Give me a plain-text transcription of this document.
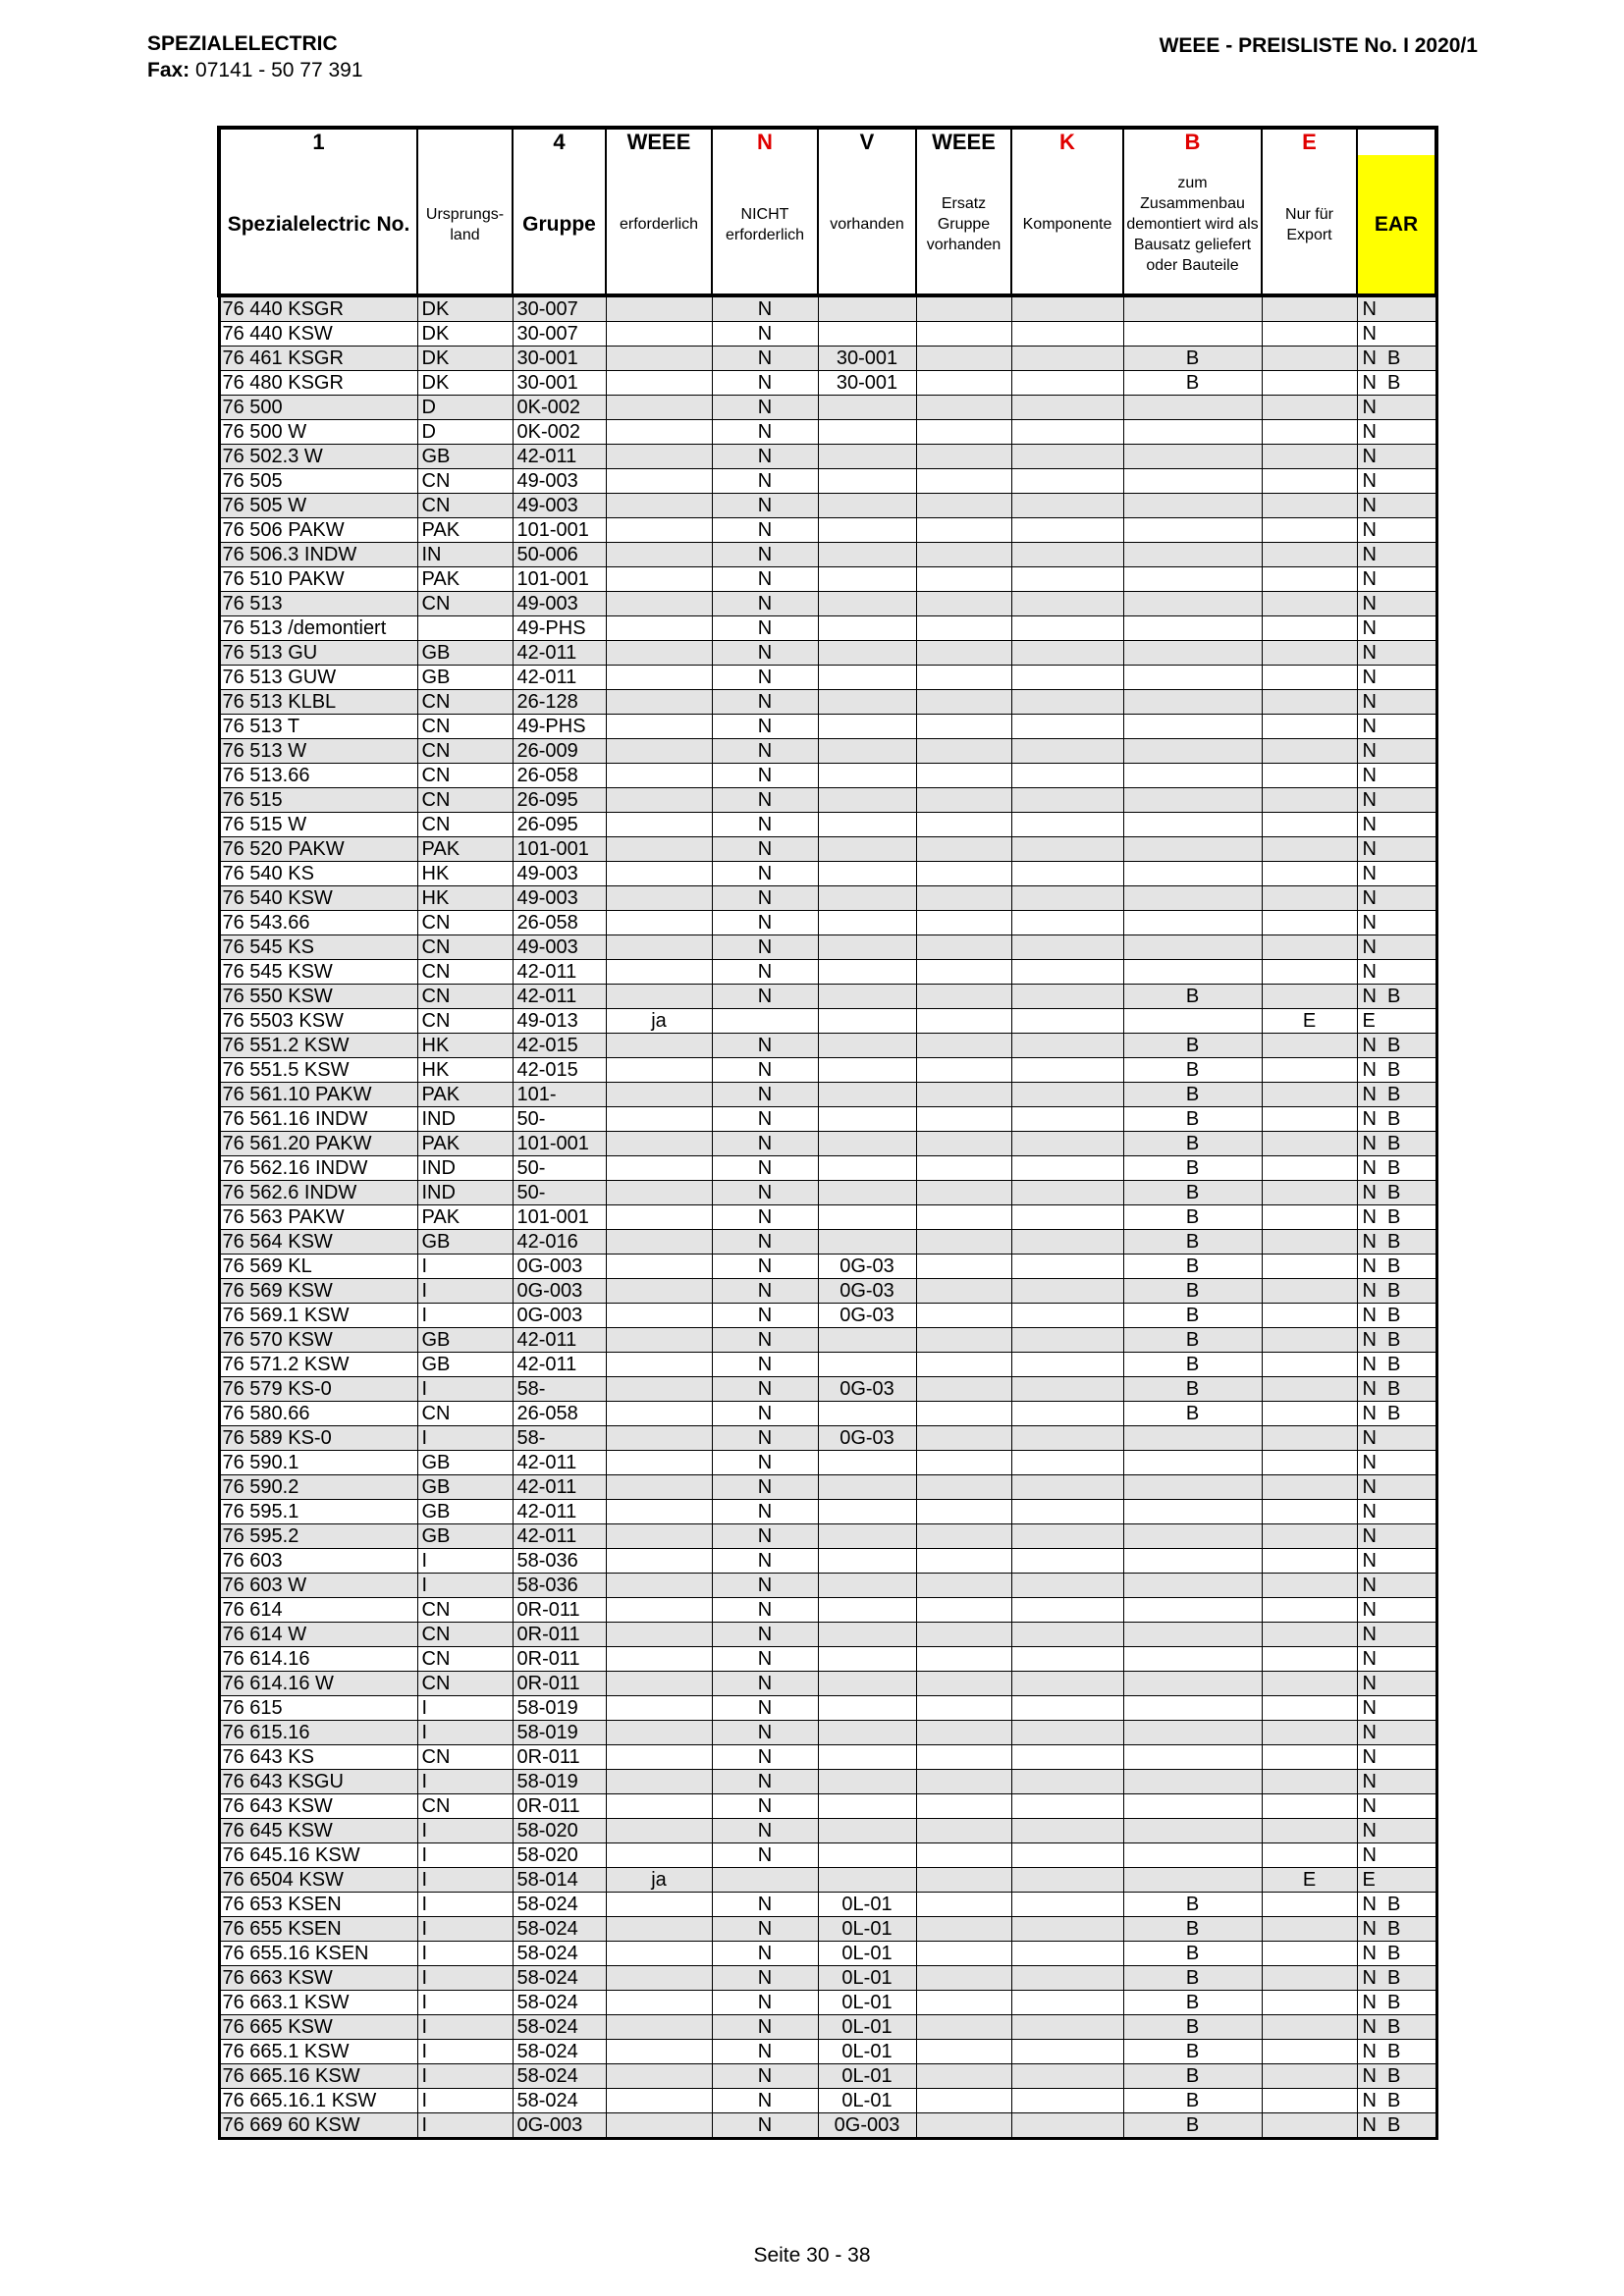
SPEZIALELECTRIC
Fax: 07141 - 50 77 391
WEEE - PREISLISTE No. I 2020/1
1		4	WEEE	N	V	WEEE	K	B	E	
Spezialelectric No.	Ursprungs-land	Gruppe	erforderlich	NICHT erforderlich	vorhanden	Ersatz Gruppe vorhanden	Komponente	zum Zusammenbau demontiert wird als Bausatz geliefert oder Bauteile	Nur für Export	EAR
76 440 KSGR	DK	30-007		N						N
76 440 KSW	DK	30-007		N						N
76 461 KSGR	DK	30-001		N	30-001			B		N  B
76 480 KSGR	DK	30-001		N	30-001			B		N  B
76 500	D	0K-002		N						N
76 500 W	D	0K-002		N						N
76 502.3 W	GB	42-011		N						N
76 505	CN	49-003		N						N
76 505 W	CN	49-003		N						N
76 506 PAKW	PAK	101-001		N						N
76 506.3 INDW	IN	50-006		N						N
76 510 PAKW	PAK	101-001		N						N
76 513	CN	49-003		N						N
76 513 /demontiert		49-PHS		N						N
76 513 GU	GB	42-011		N						N
76 513 GUW	GB	42-011		N						N
76 513 KLBL	CN	26-128		N						N
76 513 T	CN	49-PHS		N						N
76 513 W	CN	26-009		N						N
76 513.66	CN	26-058		N						N
76 515	CN	26-095		N						N
76 515 W	CN	26-095		N						N
76 520 PAKW	PAK	101-001		N						N
76 540 KS	HK	49-003		N						N
76 540 KSW	HK	49-003		N						N
76 543.66	CN	26-058		N						N
76 545 KS	CN	49-003		N						N
76 545 KSW	CN	42-011		N						N
76 550 KSW	CN	42-011		N				B		N  B
76 5503 KSW	CN	49-013	ja						E	E
76 551.2 KSW	HK	42-015		N				B		N  B
76 551.5 KSW	HK	42-015		N				B		N  B
76 561.10 PAKW	PAK	101-		N				B		N  B
76 561.16 INDW	IND	50-		N				B		N  B
76 561.20 PAKW	PAK	101-001		N				B		N  B
76 562.16 INDW	IND	50-		N				B		N  B
76 562.6 INDW	IND	50-		N				B		N  B
76 563 PAKW	PAK	101-001		N				B		N  B
76 564 KSW	GB	42-016		N				B		N  B
76 569 KL	I	0G-003		N	0G-03			B		N  B
76 569 KSW	I	0G-003		N	0G-03			B		N  B
76 569.1 KSW	I	0G-003		N	0G-03			B		N  B
76 570 KSW	GB	42-011		N				B		N  B
76 571.2 KSW	GB	42-011		N				B		N  B
76 579 KS-0	I	58-		N	0G-03			B		N  B
76 580.66	CN	26-058		N				B		N  B
76 589 KS-0	I	58-		N	0G-03					N
76 590.1	GB	42-011		N						N
76 590.2	GB	42-011		N						N
76 595.1	GB	42-011		N						N
76 595.2	GB	42-011		N						N
76 603	I	58-036		N						N
76 603 W	I	58-036		N						N
76 614	CN	0R-011		N						N
76 614 W	CN	0R-011		N						N
76 614.16	CN	0R-011		N						N
76 614.16 W	CN	0R-011		N						N
76 615	I	58-019		N						N
76 615.16	I	58-019		N						N
76 643 KS	CN	0R-011		N						N
76 643 KSGU	I	58-019		N						N
76 643 KSW	CN	0R-011		N						N
76 645 KSW	I	58-020		N						N
76 645.16 KSW	I	58-020		N						N
76 6504 KSW	I	58-014	ja						E	E
76 653 KSEN	I	58-024		N	0L-01			B		N  B
76 655 KSEN	I	58-024		N	0L-01			B		N  B
76 655.16 KSEN	I	58-024		N	0L-01			B		N  B
76 663 KSW	I	58-024		N	0L-01			B		N  B
76 663.1 KSW	I	58-024		N	0L-01			B		N  B
76 665 KSW	I	58-024		N	0L-01			B		N  B
76 665.1 KSW	I	58-024		N	0L-01			B		N  B
76 665.16 KSW	I	58-024		N	0L-01			B		N  B
76 665.16.1 KSW	I	58-024		N	0L-01			B		N  B
76 669 60 KSW	I	0G-003		N	0G-003			B		N  B
Seite 30 - 38
